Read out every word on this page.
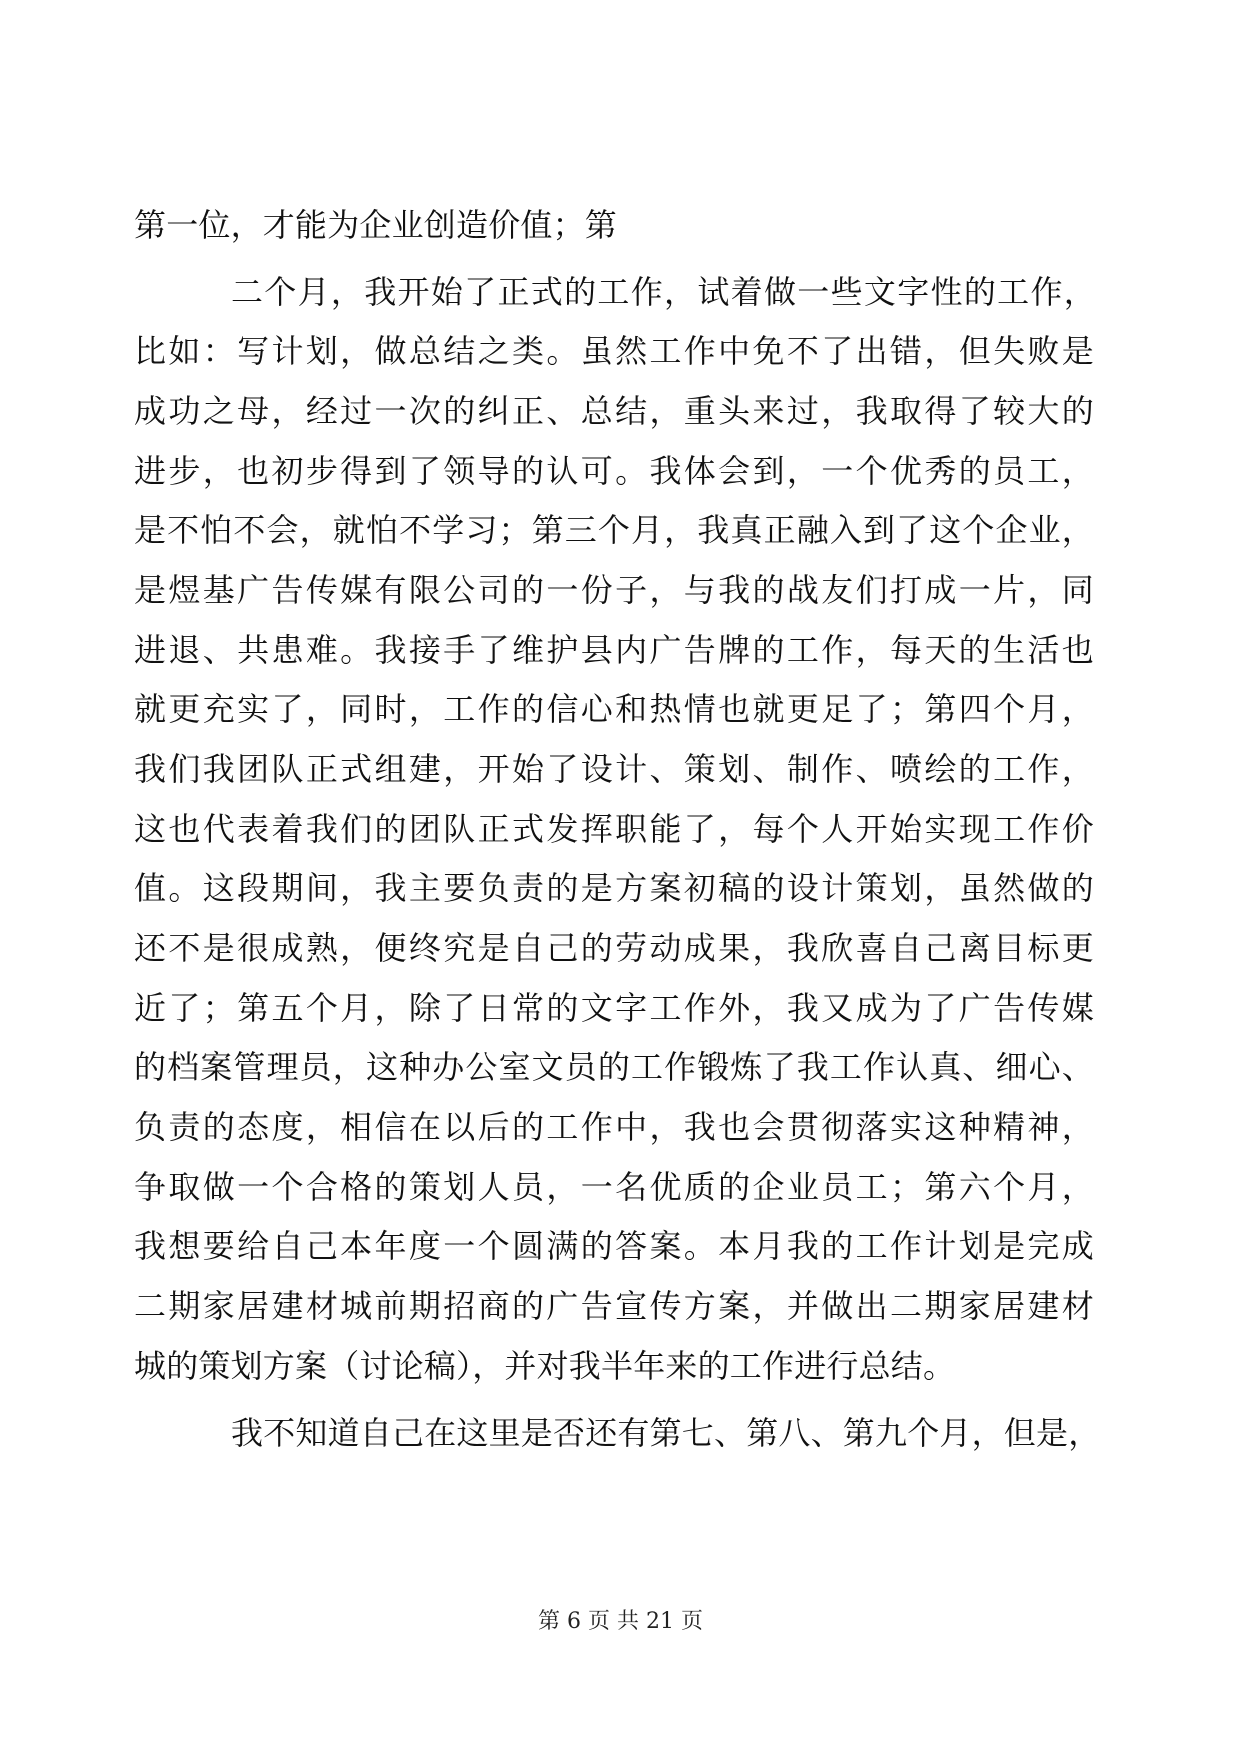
第一位，才能为企业创造价值；第
二个月，我开始了正式的工作，试着做一些文字性的工作，
比如：写计划，做总结之类。虽然工作中免不了出错，但失败是
成功之母，经过一次的纠正、总结，重头来过，我取得了较大的
进步，也初步得到了领导的认可。我体会到，一个优秀的员工，
是不怕不会，就怕不学习；第三个月，我真正融入到了这个企业，
是煜基广告传媒有限公司的一份子，与我的战友们打成一片，同
进退、共患难。我接手了维护县内广告牌的工作，每天的生活也
就更充实了，同时，工作的信心和热情也就更足了；第四个月，
我们我团队正式组建，开始了设计、策划、制作、喷绘的工作，
这也代表着我们的团队正式发挥职能了，每个人开始实现工作价
值。这段期间，我主要负责的是方案初稿的设计策划，虽然做的
还不是很成熟，便终究是自己的劳动成果，我欣喜自己离目标更
近了；第五个月，除了日常的文字工作外，我又成为了广告传媒
的档案管理员，这种办公室文员的工作锻炼了我工作认真、细心、
负责的态度，相信在以后的工作中，我也会贯彻落实这种精神，
争取做一个合格的策划人员，一名优质的企业员工；第六个月，
我想要给自己本年度一个圆满的答案。本月我的工作计划是完成
二期家居建材城前期招商的广告宣传方案，并做出二期家居建材
城的策划方案（讨论稿），并对我半年来的工作进行总结。
我不知道自己在这里是否还有第七、第八、第九个月，但是，
第 6 页 共 21 页
